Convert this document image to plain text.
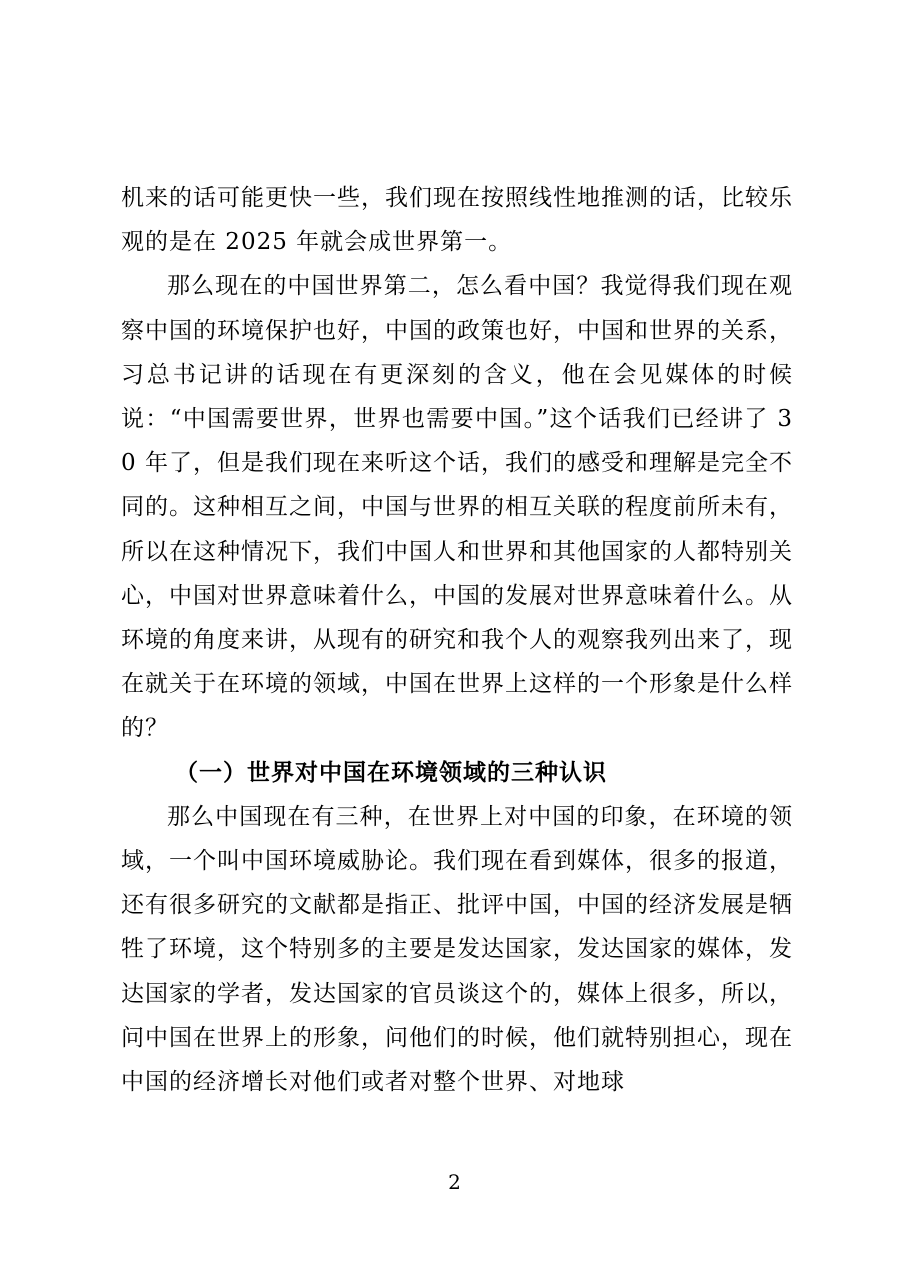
机来的话可能更快一些，我们现在按照线性地推测的话，比较乐观的是在 2025 年就会成世界第一。

那么现在的中国世界第二，怎么看中国？我觉得我们现在观察中国的环境保护也好，中国的政策也好，中国和世界的关系，习总书记讲的话现在有更深刻的含义，他在会见媒体的时候说：“中国需要世界，世界也需要中国。”这个话我们已经讲了 30 年了，但是我们现在来听这个话，我们的感受和理解是完全不同的。这种相互之间，中国与世界的相互关联的程度前所未有，所以在这种情况下，我们中国人和世界和其他国家的人都特别关心，中国对世界意味着什么，中国的发展对世界意味着什么。从环境的角度来讲，从现有的研究和我个人的观察我列出来了，现在就关于在环境的领域，中国在世界上这样的一个形象是什么样的？

（一）世界对中国在环境领域的三种认识

那么中国现在有三种，在世界上对中国的印象，在环境的领域，一个叫中国环境威胁论。我们现在看到媒体，很多的报道，还有很多研究的文献都是指正、批评中国，中国的经济发展是牺牲了环境，这个特别多的主要是发达国家，发达国家的媒体，发达国家的学者，发达国家的官员谈这个的，媒体上很多，所以，问中国在世界上的形象，问他们的时候，他们就特别担心，现在中国的经济增长对他们或者对整个世界、对地球

2
